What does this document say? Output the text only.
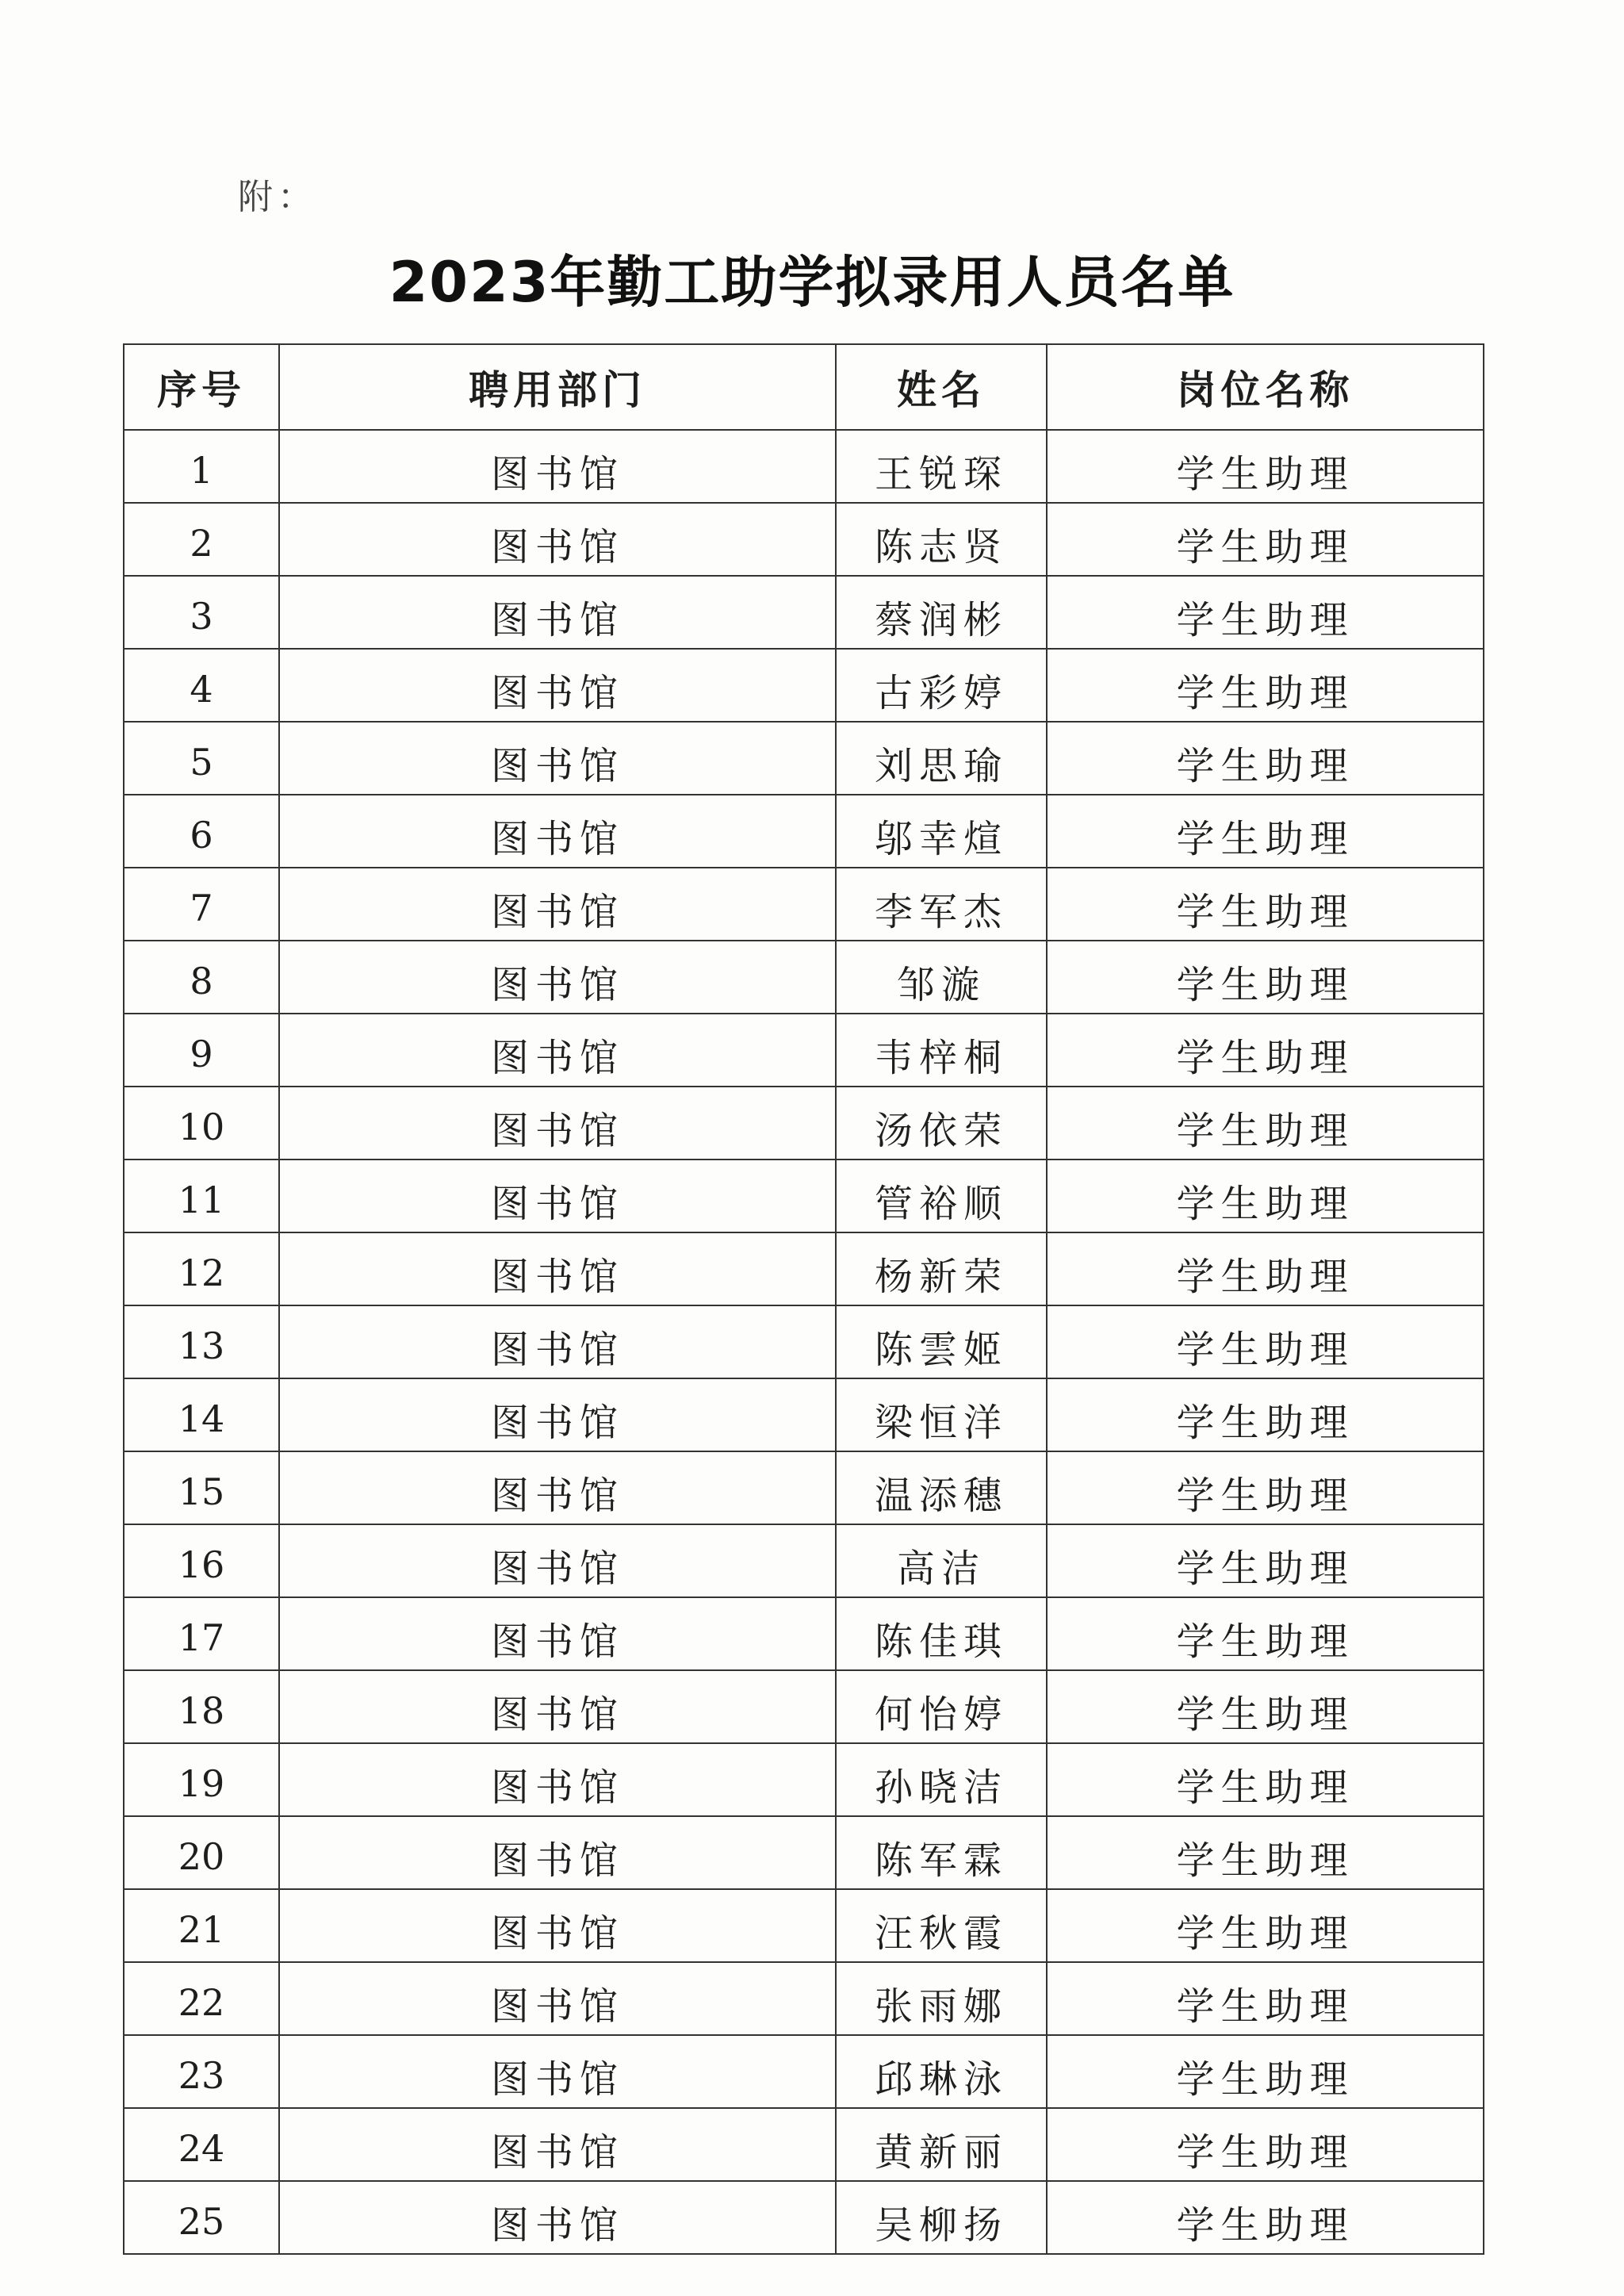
附：
2023年勤工助学拟录用人员名单
序号	聘用部门	姓名	岗位名称
1	图书馆	王锐琛	学生助理
2	图书馆	陈志贤	学生助理
3	图书馆	蔡润彬	学生助理
4	图书馆	古彩婷	学生助理
5	图书馆	刘思瑜	学生助理
6	图书馆	邬幸煊	学生助理
7	图书馆	李军杰	学生助理
8	图书馆	邹漩	学生助理
9	图书馆	韦梓桐	学生助理
10	图书馆	汤依荣	学生助理
11	图书馆	管裕顺	学生助理
12	图书馆	杨新荣	学生助理
13	图书馆	陈雲姬	学生助理
14	图书馆	梁恒洋	学生助理
15	图书馆	温添穗	学生助理
16	图书馆	高洁	学生助理
17	图书馆	陈佳琪	学生助理
18	图书馆	何怡婷	学生助理
19	图书馆	孙晓洁	学生助理
20	图书馆	陈军霖	学生助理
21	图书馆	汪秋霞	学生助理
22	图书馆	张雨娜	学生助理
23	图书馆	邱琳泳	学生助理
24	图书馆	黄新丽	学生助理
25	图书馆	吴柳扬	学生助理
